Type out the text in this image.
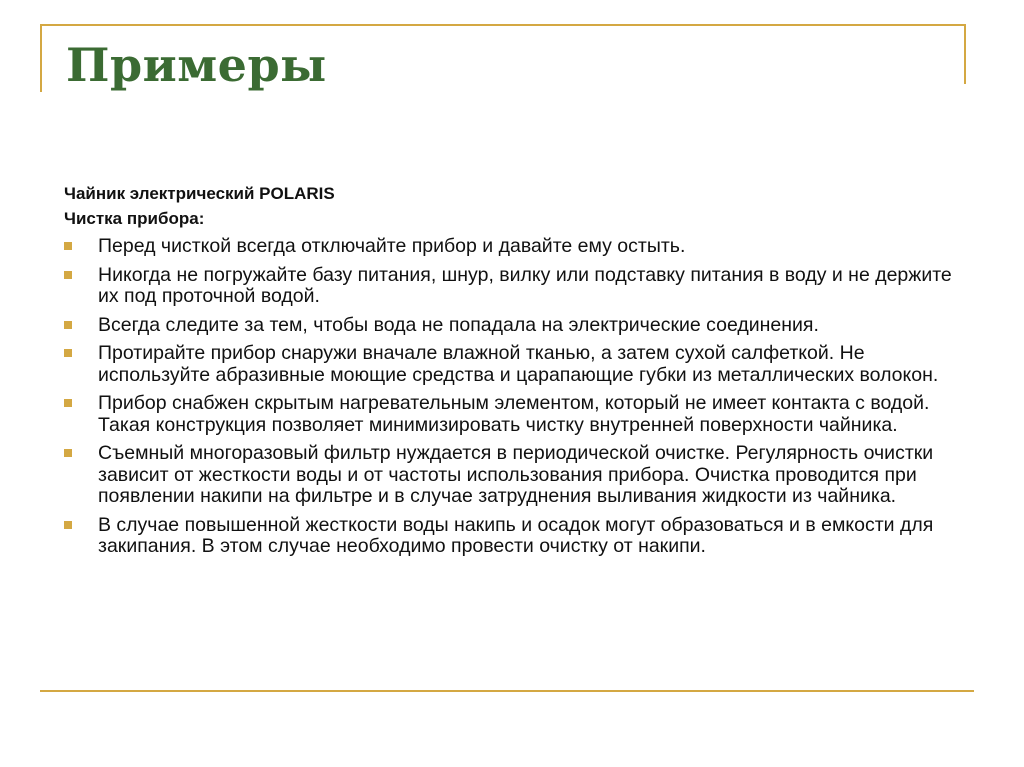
Примеры

Чайник электрический POLARIS

Чистка прибора:

Перед чисткой всегда отключайте прибор и давайте ему остыть.
Никогда не погружайте базу питания, шнур, вилку или подставку питания в воду и не держите их под проточной водой.
Всегда следите за тем, чтобы вода не попадала на электрические соединения.
Протирайте прибор снаружи вначале влажной тканью, а затем сухой салфеткой. Не используйте абразивные моющие средства и царапающие губки из металлических волокон.
Прибор снабжен скрытым нагревательным элементом, который не имеет контакта с водой. Такая конструкция позволяет минимизировать чистку внутренней поверхности чайника.
Съемный многоразовый фильтр нуждается в периодической очистке. Регулярность очистки зависит от жесткости воды и от частоты использования прибора. Очистка проводится при появлении накипи на фильтре и в случае затруднения выливания жидкости из чайника.
В случае повышенной жесткости воды накипь и осадок могут образоваться и в емкости для закипания. В этом случае необходимо провести очистку от накипи.
